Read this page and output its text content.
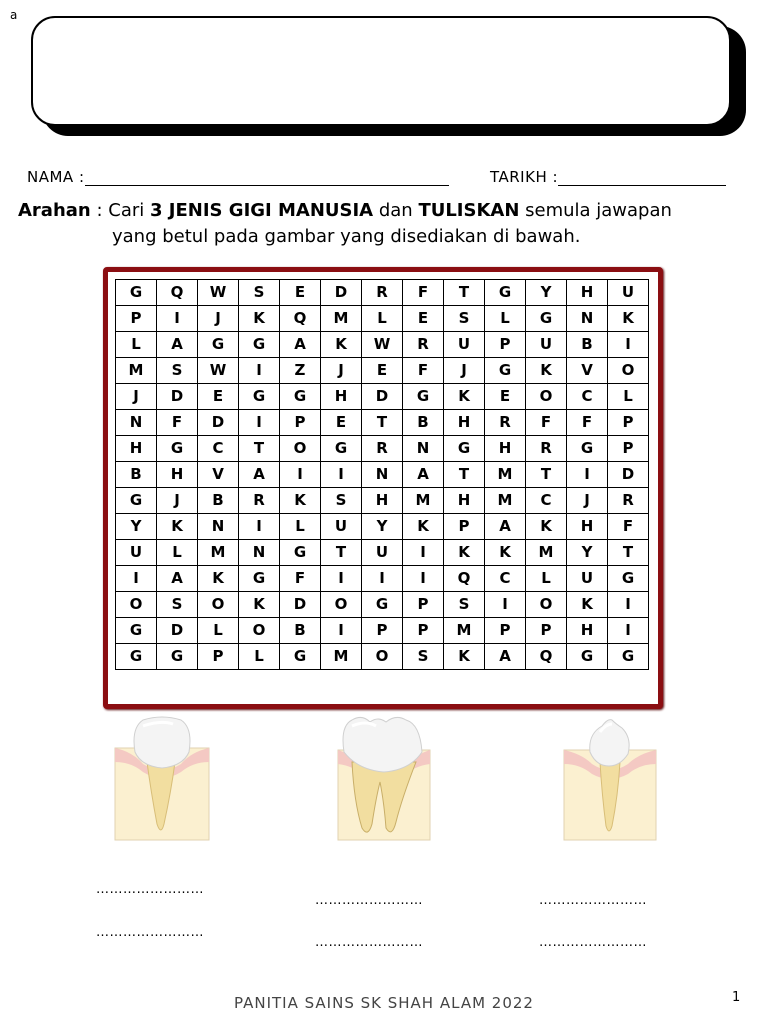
a
NAMA :	TARIKH :
Arahan : Cari 3 JENIS GIGI MANUSIA dan TULISKAN semula jawapan
yang betul pada gambar yang disediakan di bawah.
G	Q	W	S	E	D	R	F	T	G	Y	H	U
P	I	J	K	Q	M	L	E	S	L	G	N	K
L	A	G	G	A	K	W	R	U	P	U	B	I
M	S	W	I	Z	J	E	F	J	G	K	V	O
J	D	E	G	G	H	D	G	K	E	O	C	L
N	F	D	I	P	E	T	B	H	R	F	F	P
H	G	C	T	O	G	R	N	G	H	R	G	P
B	H	V	A	I	I	N	A	T	M	T	I	D
G	J	B	R	K	S	H	M	H	M	C	J	R
Y	K	N	I	L	U	Y	K	P	A	K	H	F
U	L	M	N	G	T	U	I	K	K	M	Y	T
I	A	K	G	F	I	I	I	Q	C	L	U	G
O	S	O	K	D	O	G	P	S	I	O	K	I
G	D	L	O	B	I	P	P	M	P	P	H	I
G	G	P	L	G	M	O	S	K	A	Q	G	G
……………………
……………………
……………………
……………………
……………………
……………………
PANITIA SAINS SK SHAH ALAM 2022	1
